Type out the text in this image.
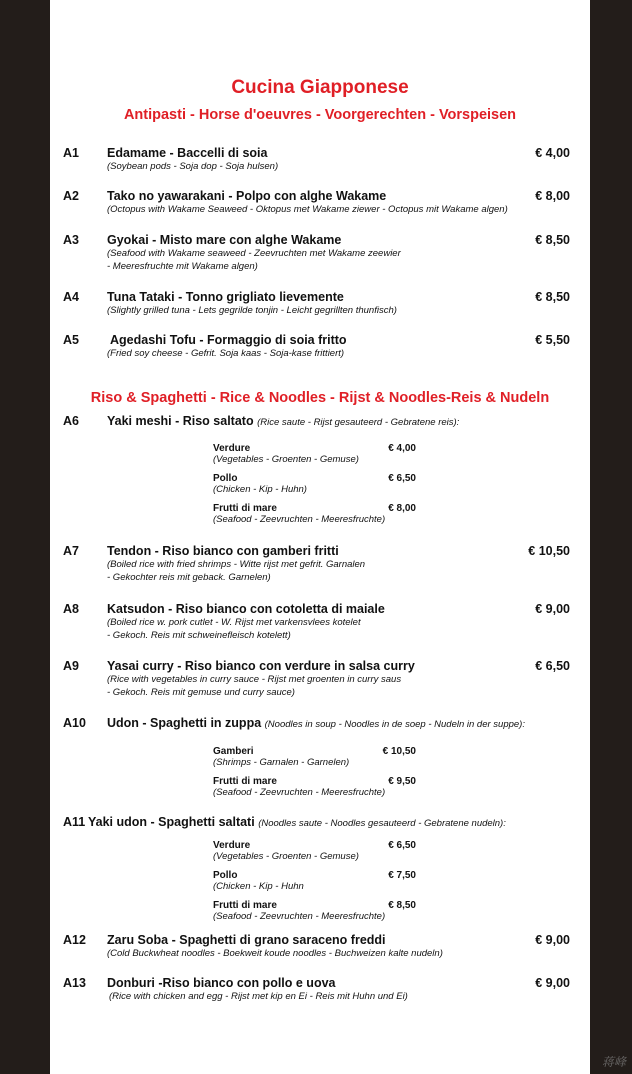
Cucina Giapponese
Antipasti - Horse d'oeuvres - Voorgerechten - Vorspeisen
A1 Edamame - Baccelli di soia	€ 4,00
(Soybean pods - Soja dop - Soja hulsen)
A2 Tako no yawarakani - Polpo con alghe Wakame	€ 8,00
(Octopus with Wakame Seaweed - Oktopus met Wakame ziewer - Octopus mit Wakame algen)
A3 Gyokai - Misto mare con alghe Wakame	€ 8,50
(Seafood with Wakame seaweed - Zeevruchten met Wakame zeewier
- Meeresfruchte mit Wakame algen)
A4 Tuna Tataki - Tonno grigliato lievemente	€ 8,50
(Slightly grilled tuna - Lets gegrilde tonjin - Leicht gegrillten thunfisch)
A5 Agedashi Tofu - Formaggio di soia fritto	€ 5,50
(Fried soy cheese - Gefrit. Soja kaas - Soja-kase frittiert)
Riso & Spaghetti - Rice & Noodles - Rijst & Noodles-Reis & Nudeln
A6 Yaki meshi - Riso saltato (Rice saute - Rijst gesauteerd - Gebratene reis):
Verdure	€ 4,00
(Vegetables - Groenten - Gemuse)
Pollo	€ 6,50
(Chicken - Kip - Huhn)
Frutti di mare	€ 8,00
(Seafood - Zeevruchten - Meeresfruchte)
A7 Tendon - Riso bianco con gamberi fritti	€ 10,50
(Boiled rice with fried shrimps - Witte rijst met gefrit. Garnalen
- Gekochter reis mit geback. Garnelen)
A8 Katsudon - Riso bianco con cotoletta di maiale	€ 9,00
(Boiled rice w. pork cutlet - W. Rijst met varkensvlees kotelet
- Gekoch. Reis mit schweinefleisch kotelett)
A9 Yasai curry - Riso bianco con verdure in salsa curry	€ 6,50
(Rice with vegetables in curry sauce - Rijst met groenten in curry saus
- Gekoch. Reis mit gemuse und curry sauce)
A10 Udon - Spaghetti in zuppa (Noodles in soup - Noodles in de soep - Nudeln in der suppe):
Gamberi	€ 10,50
(Shrimps - Garnalen - Garnelen)
Frutti di mare	€ 9,50
(Seafood - Zeevruchten - Meeresfruchte)
A11 Yaki udon - Spaghetti saltati (Noodles saute - Noodles gesauteerd - Gebratene nudeln):
Verdure	€ 6,50
(Vegetables - Groenten - Gemuse)
Pollo	€ 7,50
(Chicken - Kip - Huhn
Frutti di mare	€ 8,50
(Seafood - Zeevruchten - Meeresfruchte)
A12 Zaru Soba - Spaghetti di grano saraceno freddi	€ 9,00
(Cold Buckwheat noodles - Boekweit koude noodles - Buchweizen kalte nudeln)
A13 Donburi -Riso bianco con pollo e uova	€ 9,00
(Rice with chicken and egg - Rijst met kip en Ei - Reis mit Huhn und Ei)
蒋峰
